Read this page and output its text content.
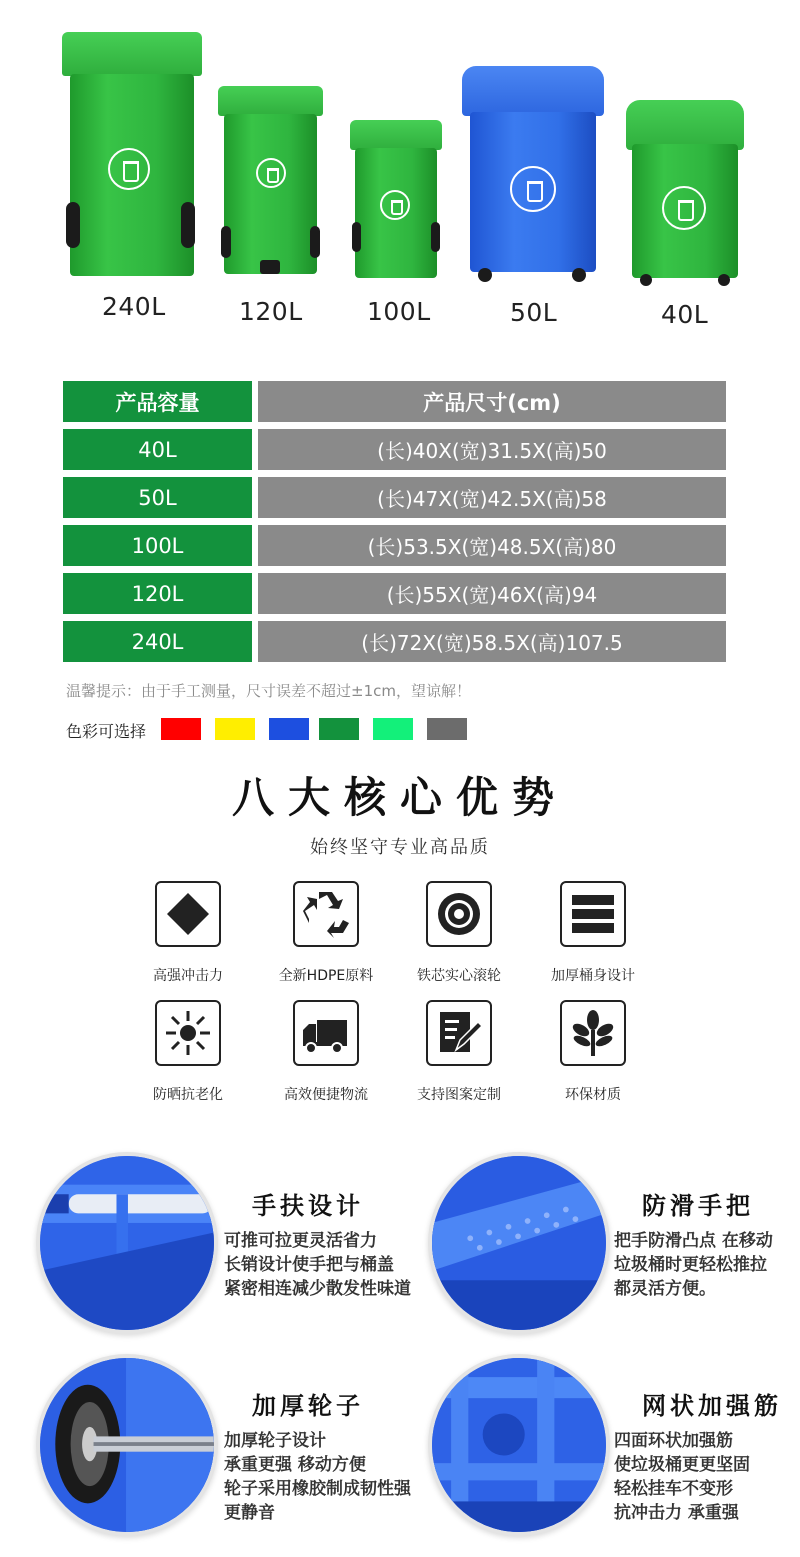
240L	120L	100L	50L	40L
产品容量	产品尺寸(cm)
40L	(长)40X(宽)31.5X(高)50
50L	(长)47X(宽)42.5X(高)58
100L	(长)53.5X(宽)48.5X(高)80
120L	(长)55X(宽)46X(高)94
240L	(长)72X(宽)58.5X(高)107.5
温馨提示：由于手工测量，尺寸误差不超过±1cm，望谅解！
色彩可选择
八大核心优势
始终坚守专业高品质
高强冲击力	全新HDPE原料	铁芯实心滚轮	加厚桶身设计
防晒抗老化	高效便捷物流	支持图案定制	环保材质
手扶设计
可推可拉更灵活省力
长销设计使手把与桶盖
紧密相连减少散发性味道
防滑手把
把手防滑凸点 在移动
垃圾桶时更轻松推拉
都灵活方便。
加厚轮子
加厚轮子设计
承重更强 移动方便
轮子采用橡胶制成韧性强
更静音
网状加强筋
四面环状加强筋
使垃圾桶更更坚固
轻松挂车不变形
抗冲击力 承重强
